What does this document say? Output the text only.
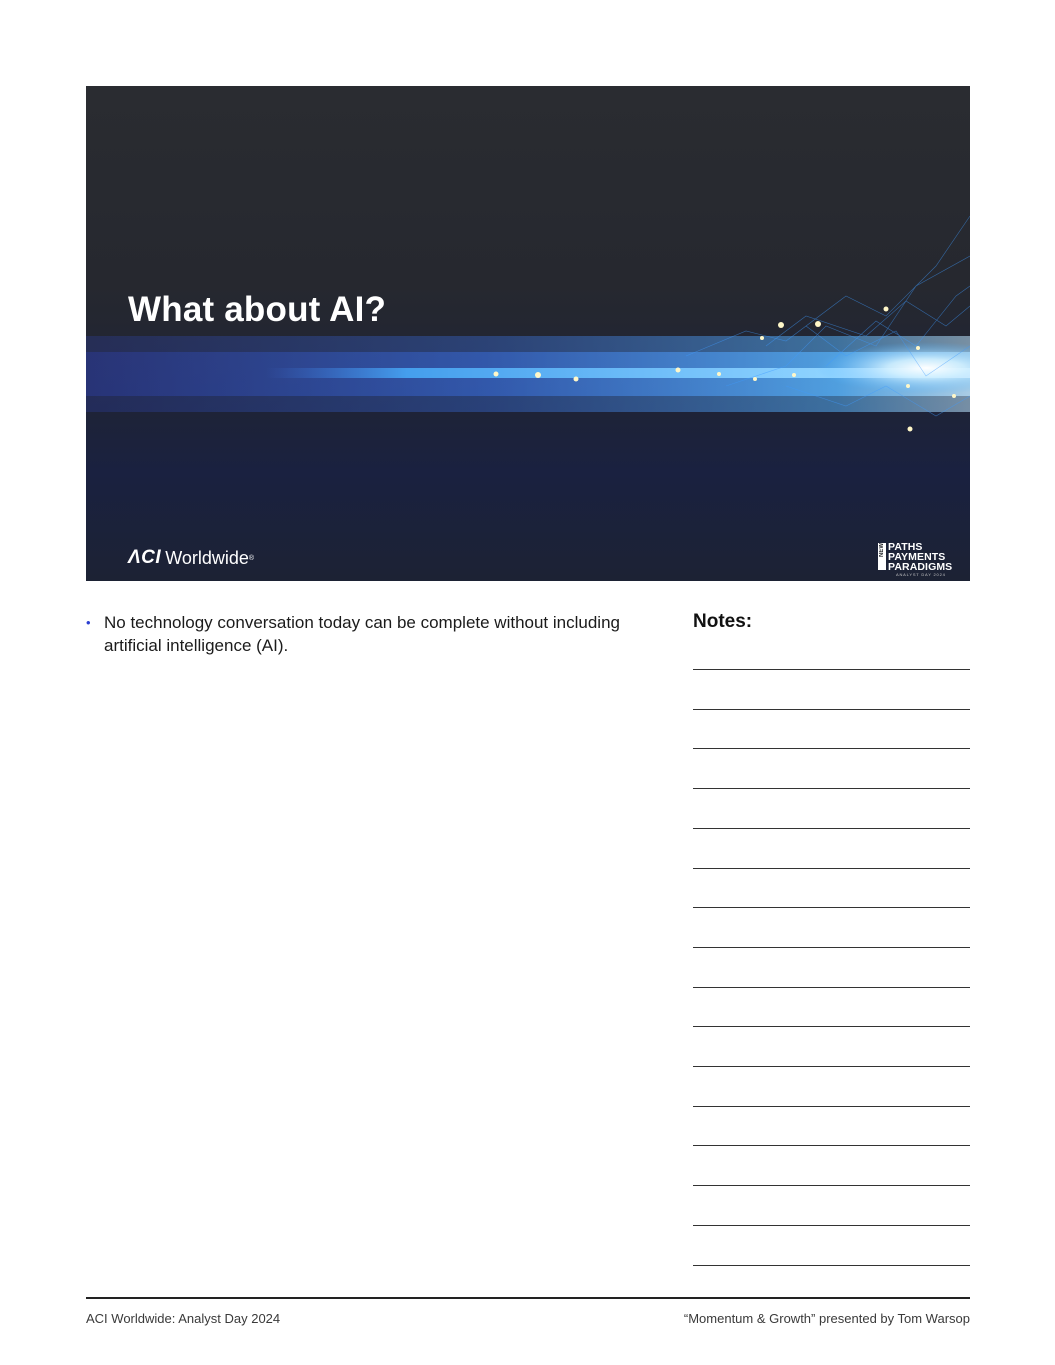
What about AI?
ΛCI Worldwide ®
NEW PATHS
PAYMENTS
PARADIGMS
ANALYST DAY 2024
• No technology conversation today can be complete without including artificial intelligence (AI).
Notes:
ACI Worldwide: Analyst Day 2024	“Momentum & Growth” presented by Tom Warsop
